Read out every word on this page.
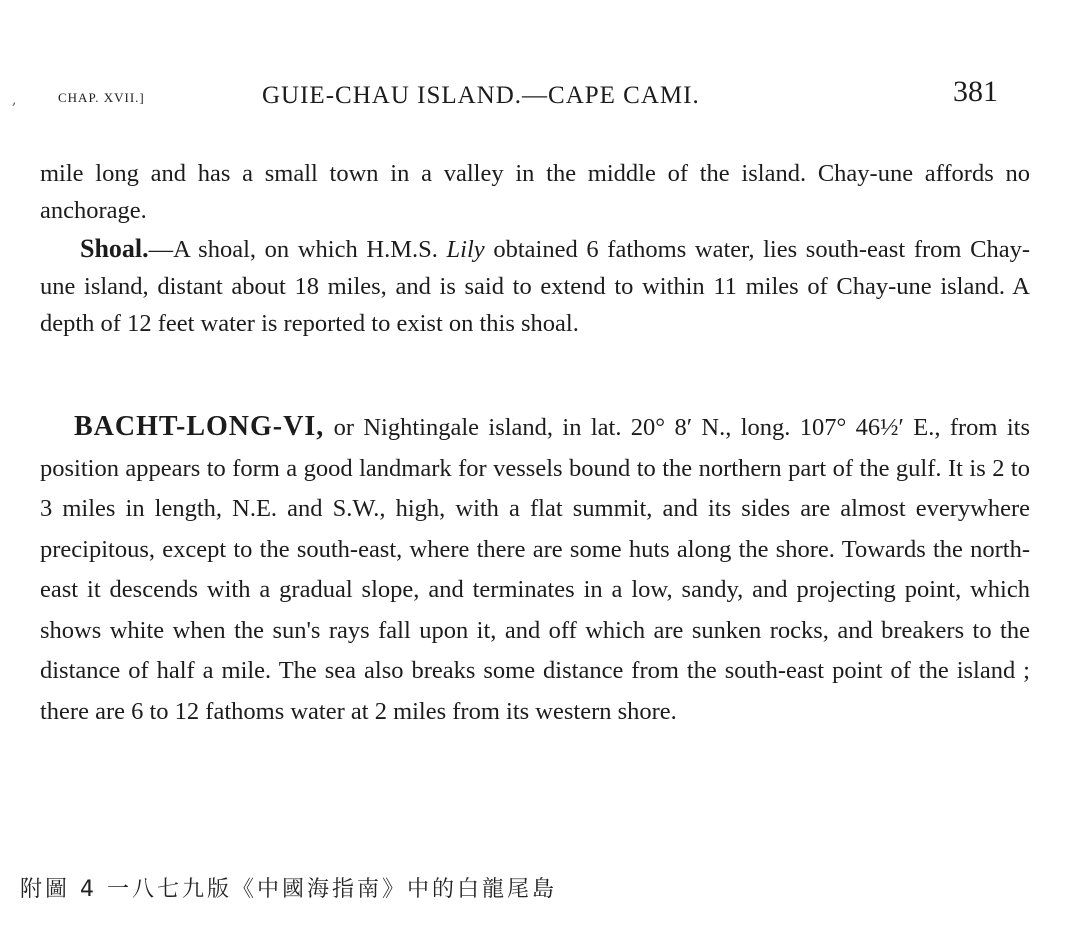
,	CHAP. XVII.]	GUIE-CHAU ISLAND.—CAPE CAMI.	381
mile long and has a small town in a valley in the middle of the island. Chay-une affords no anchorage.
Shoal.—A shoal, on which H.M.S. Lily obtained 6 fathoms water, lies south-east from Chay-une island, distant about 18 miles, and is said to extend to within 11 miles of Chay-une island. A depth of 12 feet water is reported to exist on this shoal.
BACHT-LONG-VI, or Nightingale island, in lat. 20° 8′ N., long. 107° 46½′ E., from its position appears to form a good landmark for vessels bound to the northern part of the gulf. It is 2 to 3 miles in length, N.E. and S.W., high, with a flat summit, and its sides are almost everywhere precipitous, except to the south-east, where there are some huts along the shore. Towards the north-east it descends with a gradual slope, and terminates in a low, sandy, and projecting point, which shows white when the sun's rays fall upon it, and off which are sunken rocks, and breakers to the distance of half a mile. The sea also breaks some distance from the south-east point of the island ; there are 6 to 12 fathoms water at 2 miles from its western shore.
附圖 4 一八七九版《中國海指南》中的白龍尾島
